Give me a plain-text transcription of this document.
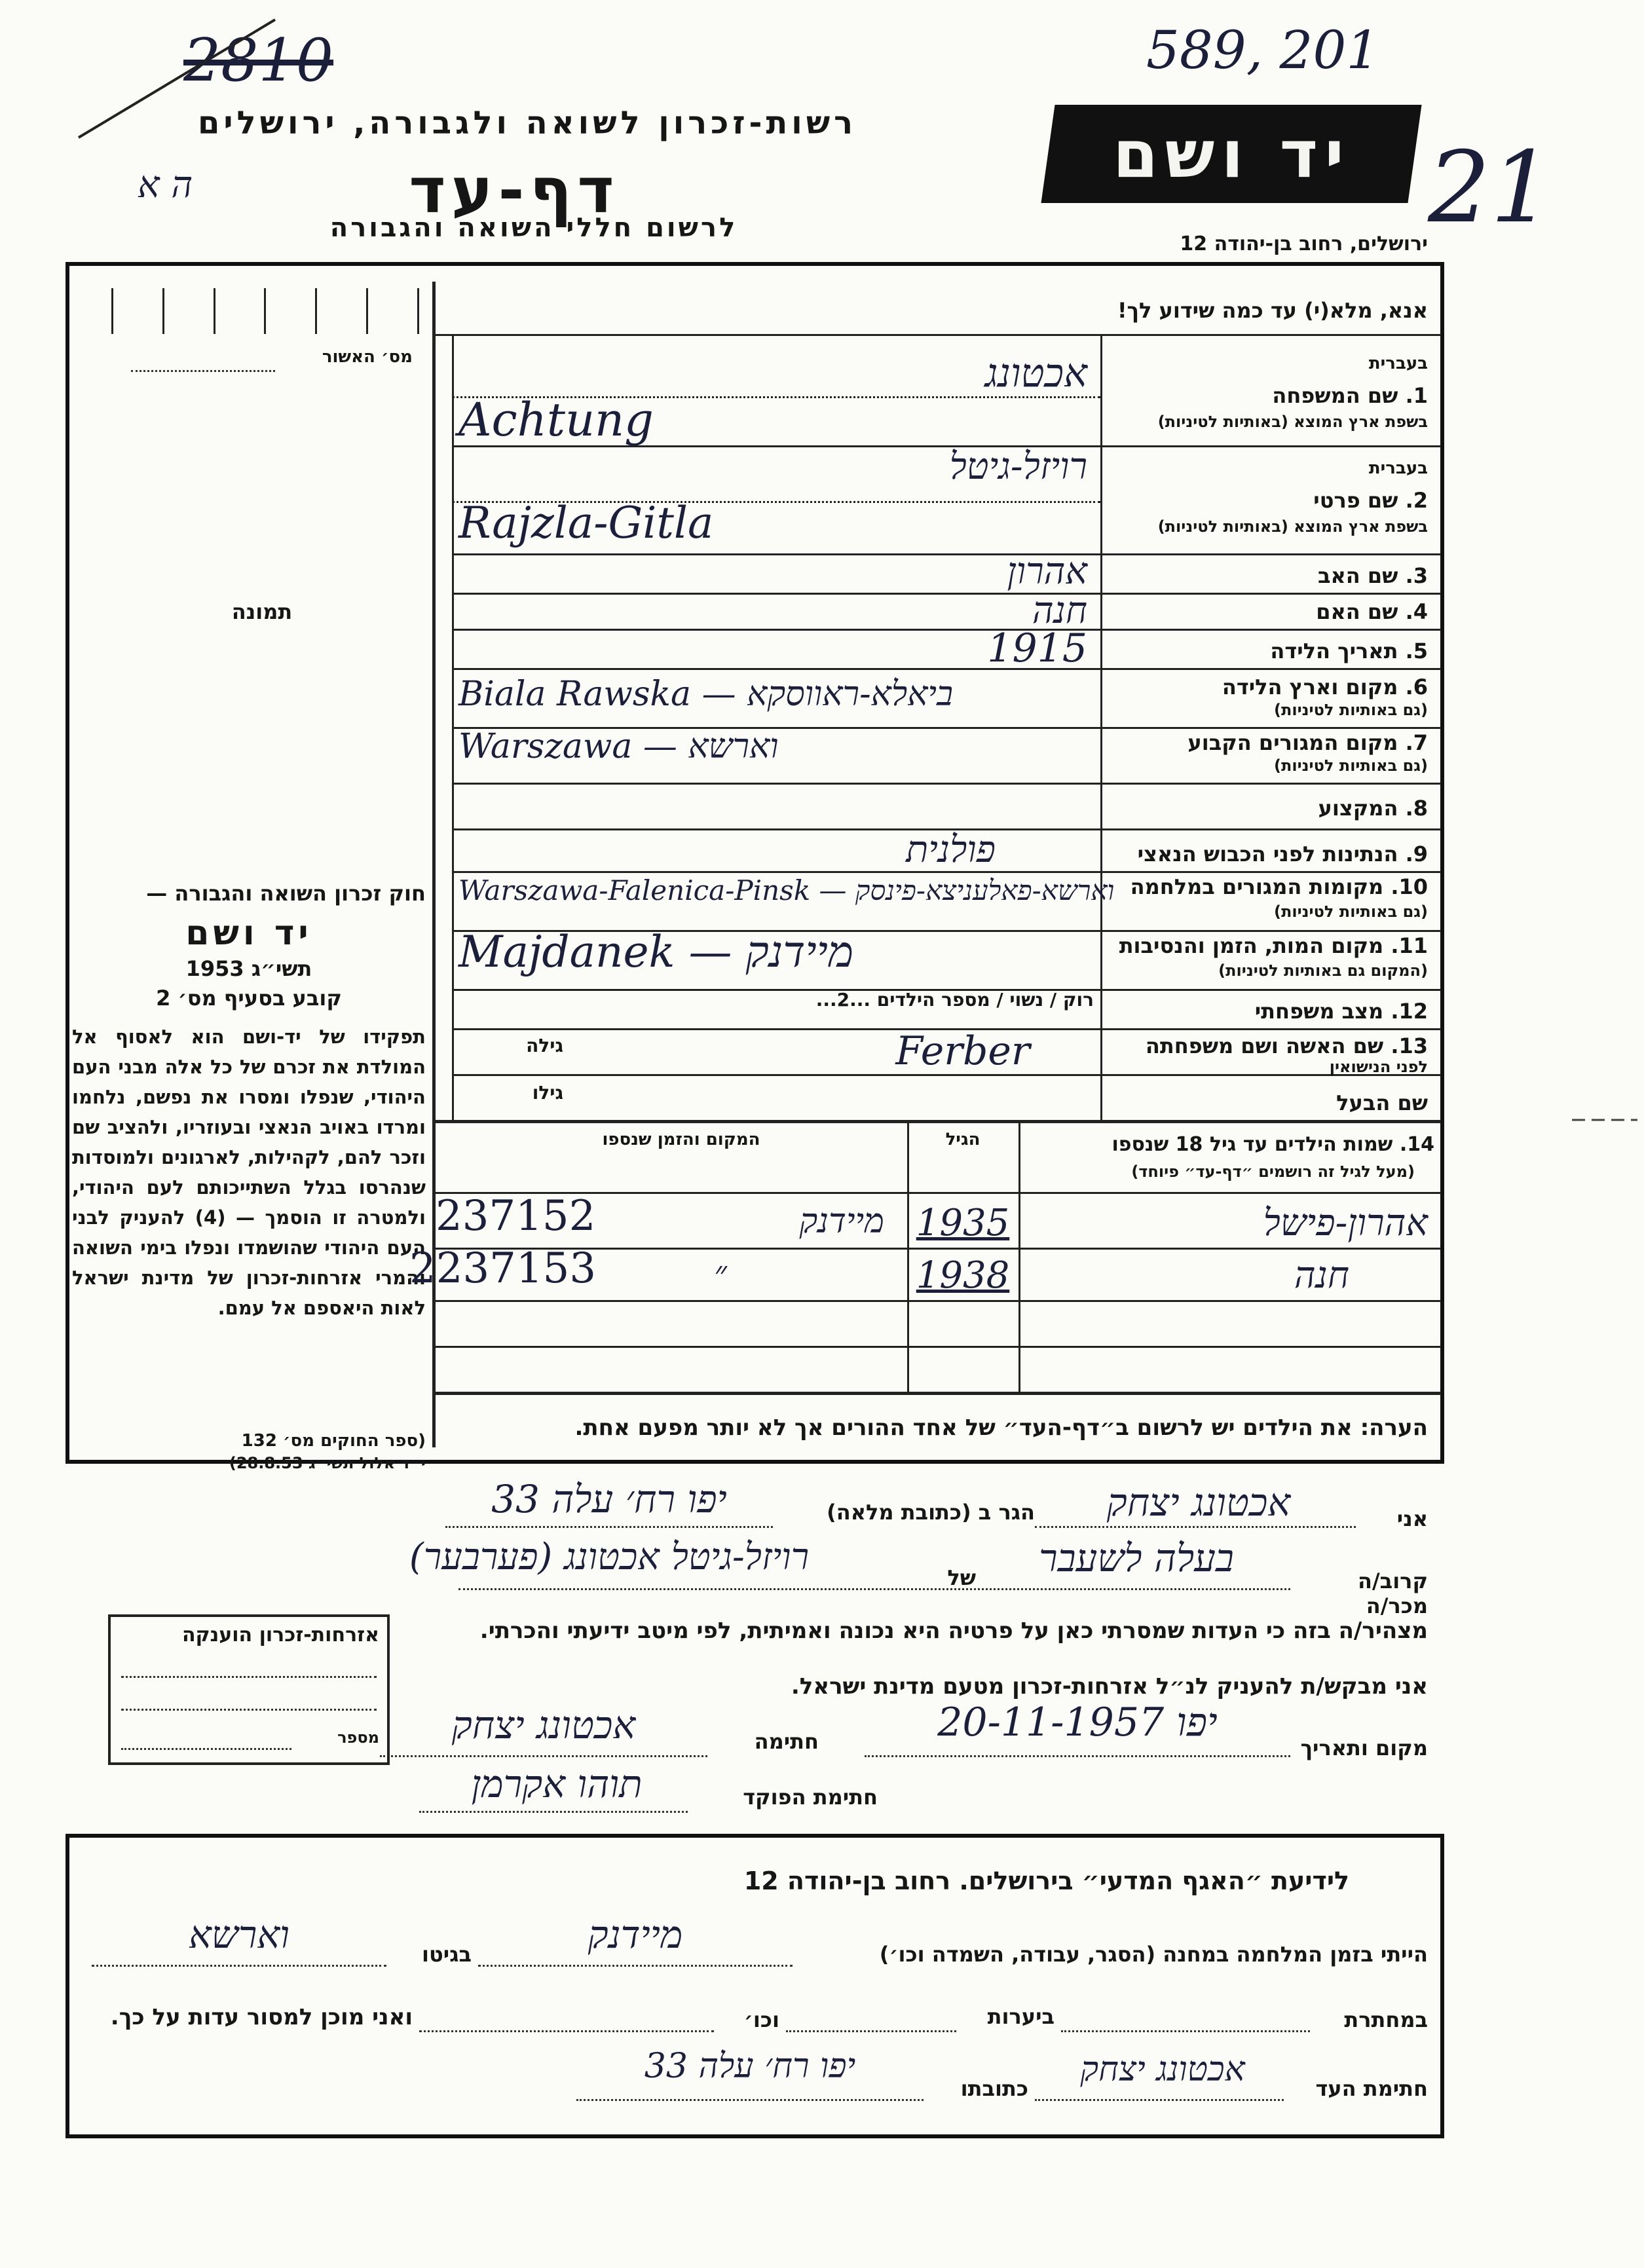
2810	589, 201
21
ה א
רשות-זכרון לשואה ולגבורה, ירושלים
דף-עד
לרשום חללי השואה והגבורה
יד ושם
ירושלים, רחוב בן-יהודה 12
אנא, מלא(י) עד כמה שידוע לך!
מס׳ האשור
תמונה
חוק זכרון השואה והגבורה —
יד ושם
תשי״ג 1953
קובע בסעיף מס׳ 2
תפקידו של יד-ושם הוא לאסוף אל המולדת את זכרם של כל אלה מבני העם היהודי, שנפלו ומסרו את נפשם, נלחמו ומרדו באויב הנאצי ובעוזריו, ולהציב שם וזכר להם, לקהילות, לארגונים ולמוסדות שנהרסו בגלל השתייכותם לעם היהודי, ולמטרה זו הוסמך — (4) להעניק לבני העם היהודי שהושמדו ונפלו בימי השואה והמרי אזרחות-זכרון של מדינת ישראל לאות היאספם אל עמם.
(ספר החוקים מס׳ 132
י״ד אלול תשי״ג 28.8.53)
בעברית
1. שם המשפחה
בשפת ארץ המוצא (באותיות לטיניות)
אכטונג
Achtung
בעברית
2. שם פרטי
בשפת ארץ המוצא (באותיות לטיניות)
רויזל-גיטל
Rajzla-Gitla
3. שם האב
אהרון
4. שם האם
חנה
5. תאריך הלידה
1915
6. מקום וארץ הלידה
(גם באותיות לטיניות)
Biala Rawska — ביאלא-ראווסקא
7. מקום המגורים הקבוע
(גם באותיות לטיניות)
Warszawa — וארשא
8. המקצוע
9. הנתינות לפני הכבוש הנאצי
פולנית
10. מקומות המגורים במלחמה
(גם באותיות לטיניות)
Warszawa-Falenica-Pinsk — וארשא-פאלעניצא-פינסק
11. מקום המות, הזמן והנסיבות
(המקום גם באותיות לטיניות)
Majdanek — מיידנק
12. מצב משפחתי
רוק / נשוי / מספר הילדים ...2...
13. שם האשה ושם משפחתה
לפני הנישואין
גילה	Ferber
שם הבעל
גילו
14. שמות הילדים עד גיל 18 שנספו
(מעל לגיל זה רושמים ״דף-עד״ פיוחד)
הגיל
המקום והזמן שנספו
אהרון-פישל
1935
מיידנק
237152
חנה
1938
״
2237153
הערה: את הילדים יש לרשום ב״דף-העד״ של אחד ההורים אך לא יותר מפעם אחת.
אני
אכטונג יצחק
הגר ב (כתובת מלאה)
יפו רח׳ עלה 33
קרוב/ה מכר/ה
בעלה לשעבר
של
רויזל-גיטל אכטונג (פערבער)
מצהיר/ה בזה כי העדות שמסרתי כאן על פרטיה היא נכונה ואמיתית, לפי מיטב ידיעתי והכרתי.
אני מבקש/ת להעניק לנ״ל אזרחות-זכרון מטעם מדינת ישראל.
מקום ותאריך
יפו 20-11-1957
חתימה
אכטונג יצחק
חתימת הפוקד
תוהו אקרמן
אזרחות-זכרון הוענקה
מספר
לידיעת ״האגף המדעי״ בירושלים. רחוב בן-יהודה 12
הייתי בזמן המלחמה במחנה (הסגר, עבודה, השמדה וכו׳)
מיידנק
בגיטו
וארשא
במחתרת
ביערות
וכו׳
ואני מוכן למסור עדות על כך.
חתימת העד
אכטונג יצחק
כתובתו
יפו רח׳ עלה 33
